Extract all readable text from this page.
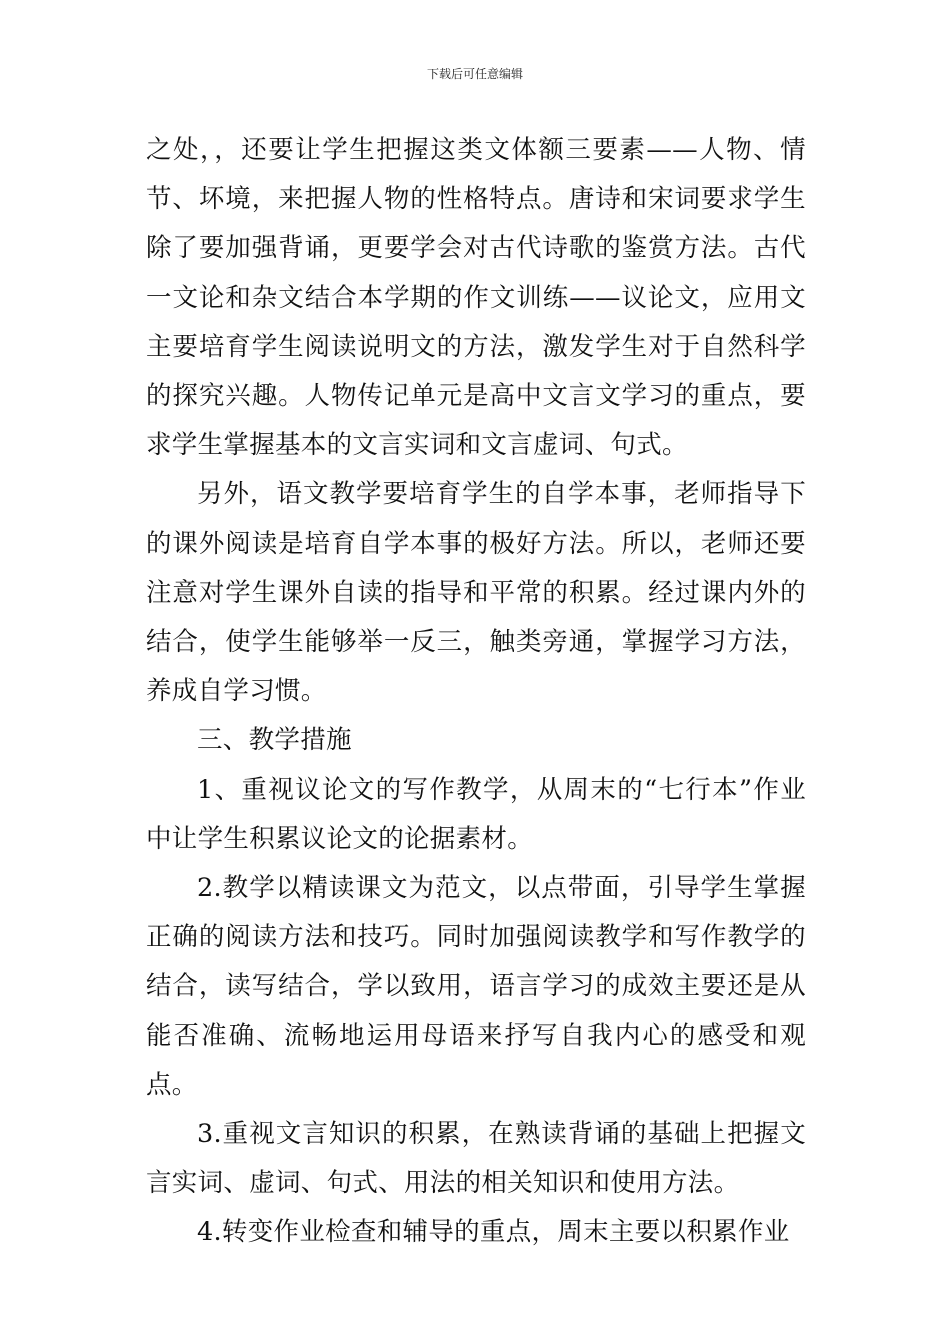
下载后可任意编辑

之处，，还要让学生把握这类文体额三要素——人物、情节、坏境，来把握人物的性格特点。唐诗和宋词要求学生除了要加强背诵，更要学会对古代诗歌的鉴赏方法。古代一文论和杂文结合本学期的作文训练——议论文，应用文主要培育学生阅读说明文的方法，激发学生对于自然科学的探究兴趣。人物传记单元是高中文言文学习的重点，要求学生掌握基本的文言实词和文言虚词、句式。

另外，语文教学要培育学生的自学本事，老师指导下的课外阅读是培育自学本事的极好方法。所以，老师还要注意对学生课外自读的指导和平常的积累。经过课内外的结合，使学生能够举一反三，触类旁通，掌握学习方法，养成自学习惯。

三、教学措施

1、重视议论文的写作教学，从周末的“七行本”作业中让学生积累议论文的论据素材。

2.教学以精读课文为范文，以点带面，引导学生掌握正确的阅读方法和技巧。同时加强阅读教学和写作教学的结合，读写结合，学以致用，语言学习的成效主要还是从能否准确、流畅地运用母语来抒写自我内心的感受和观点。

3.重视文言知识的积累，在熟读背诵的基础上把握文言实词、虚词、句式、用法的相关知识和使用方法。

4.转变作业检查和辅导的重点，周末主要以积累作业
